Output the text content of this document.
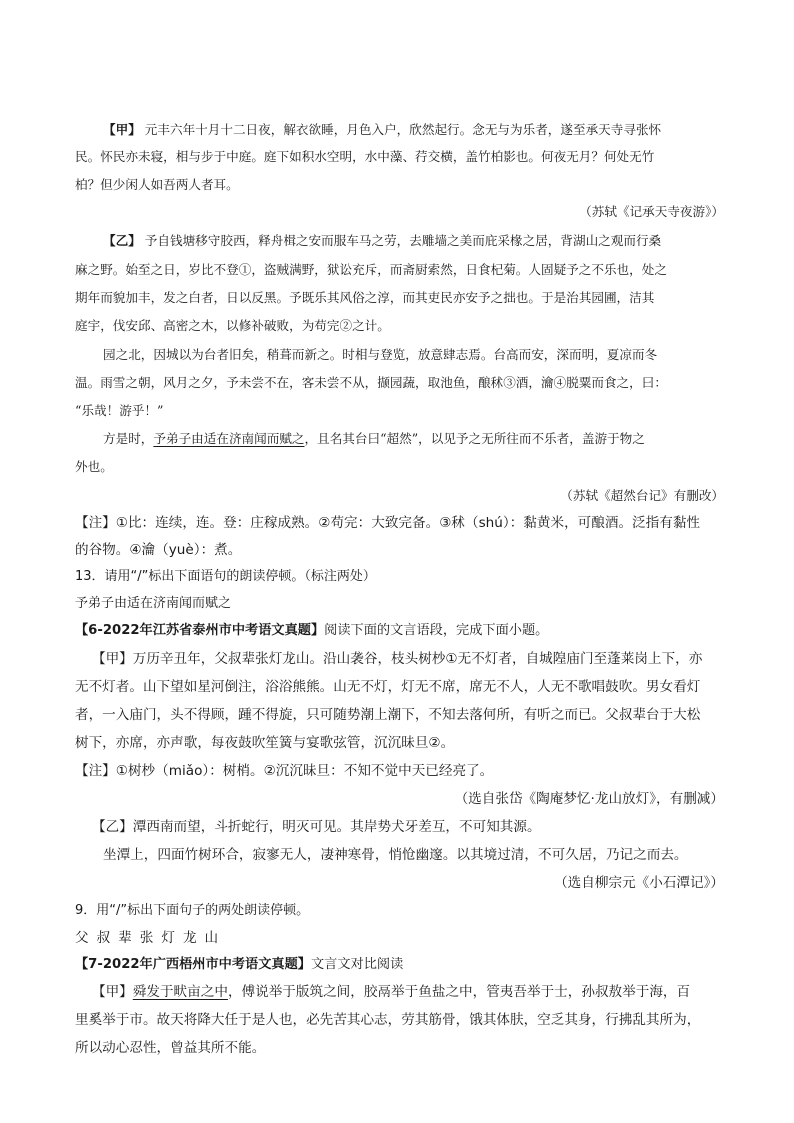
【甲】 元丰六年十月十二日夜，解衣欲睡，月色入户，欣然起行。念无与为乐者，遂至承天寺寻张怀
民。怀民亦未寝，相与步于中庭。庭下如积水空明，水中藻、荇交横，盖竹柏影也。何夜无月？何处无竹
柏？但少闲人如吾两人者耳。
（苏轼《记承天寺夜游》）
【乙】 予自钱塘移守胶西，释舟楫之安而服车马之劳，去雕墙之美而庇采椽之居，背湖山之观而行桑
麻之野。始至之日，岁比不登①，盗贼满野，狱讼充斥，而斋厨索然，日食杞菊。人固疑予之不乐也，处之
期年而貌加丰，发之白者，日以反黑。予既乐其风俗之淳，而其吏民亦安予之拙也。于是治其园圃，洁其
庭宇，伐安邱、高密之木，以修补破败，为苟完②之计。
园之北，因城以为台者旧矣，稍葺而新之。时相与登览，放意肆志焉。台高而安，深而明，夏凉而冬
温。雨雪之朝，风月之夕，予未尝不在，客未尝不从，撷园蔬，取池鱼，酿秫③酒，瀹④脱粟而食之，曰：
“乐哉！游乎！”
方是时，予弟子由适在济南闻而赋之，且名其台曰“超然”，以见予之无所往而不乐者，盖游于物之
外也。
（苏轼《超然台记》有删改）
【注】①比：连续，连。登：庄稼成熟。②苟完：大致完备。③秫（shú）：黏黄米，可酿酒。泛指有黏性
的谷物。④瀹（yuè）：煮。
13．请用“/”标出下面语句的朗读停顿。（标注两处）
予弟子由适在济南闻而赋之
【6-2022年江苏省泰州市中考语文真题】阅读下面的文言语段，完成下面小题。
【甲】万历辛丑年，父叔辈张灯龙山。沿山袭谷，枝头树杪①无不灯者，自城隍庙门至蓬莱岗上下，亦
无不灯者。山下望如星河倒注，浴浴熊熊。山无不灯，灯无不席，席无不人，人无不歌唱鼓吹。男女看灯
者，一入庙门，头不得顾，踵不得旋，只可随势潮上潮下，不知去落何所，有听之而已。父叔辈台于大松
树下，亦席，亦声歌，每夜鼓吹笙簧与宴歌弦管，沉沉昧旦②。
【注】①树杪（miǎo）：树梢。②沉沉昧旦：不知不觉中天已经亮了。
（选自张岱《陶庵梦忆·龙山放灯》，有删减）
【乙】潭西南而望，斗折蛇行，明灭可见。其岸势犬牙差互，不可知其源。
坐潭上，四面竹树环合，寂寥无人，凄神寒骨，悄怆幽邃。以其境过清，不可久居，乃记之而去。
（选自柳宗元《小石潭记》）
9．用“/”标出下面句子的两处朗读停顿。
父叔辈张灯龙山
【7-2022年广西梧州市中考语文真题】文言文对比阅读
【甲】舜发于畎亩之中，傅说举于版筑之间，胶鬲举于鱼盐之中，管夷吾举于士，孙叔敖举于海，百
里奚举于市。故天将降大任于是人也，必先苦其心志，劳其筋骨，饿其体肤，空乏其身，行拂乱其所为，
所以动心忍性，曾益其所不能。
